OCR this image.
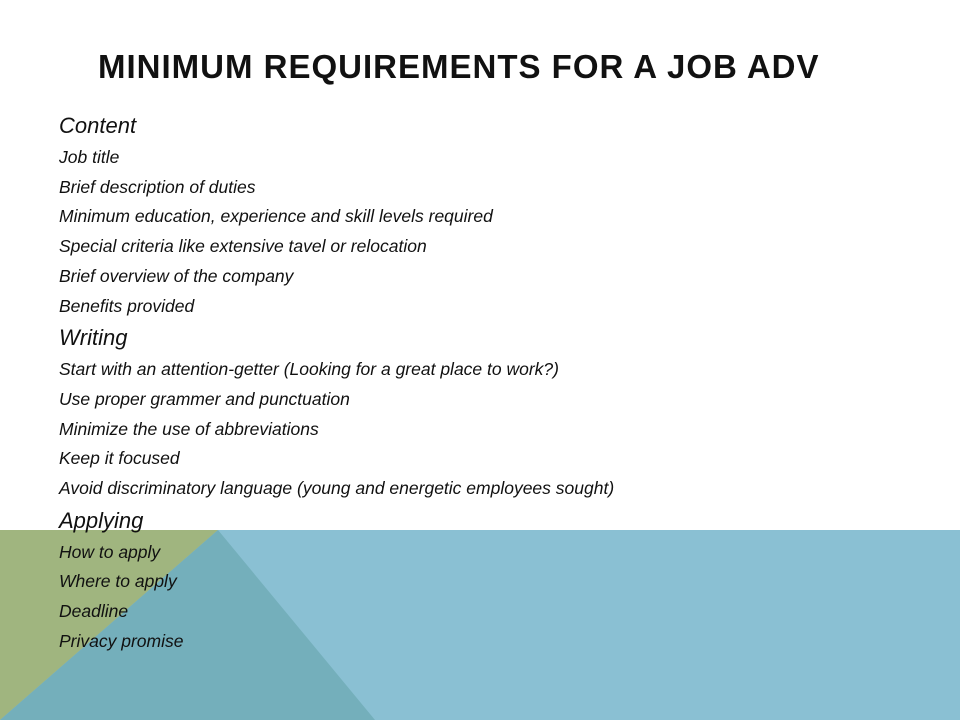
MINIMUM REQUIREMENTS FOR A JOB ADV
Content
Job title
Brief description of duties
Minimum education, experience and skill levels required
Special criteria like extensive tavel or relocation
Brief overview of the company
Benefits provided
Writing
Start with an attention-getter (Looking for a great place to work?)
Use proper grammer and punctuation
Minimize the use of abbreviations
Keep it focused
Avoid discriminatory language (young and energetic employees sought)
Applying
How to apply
Where to apply
Deadline
Privacy promise
